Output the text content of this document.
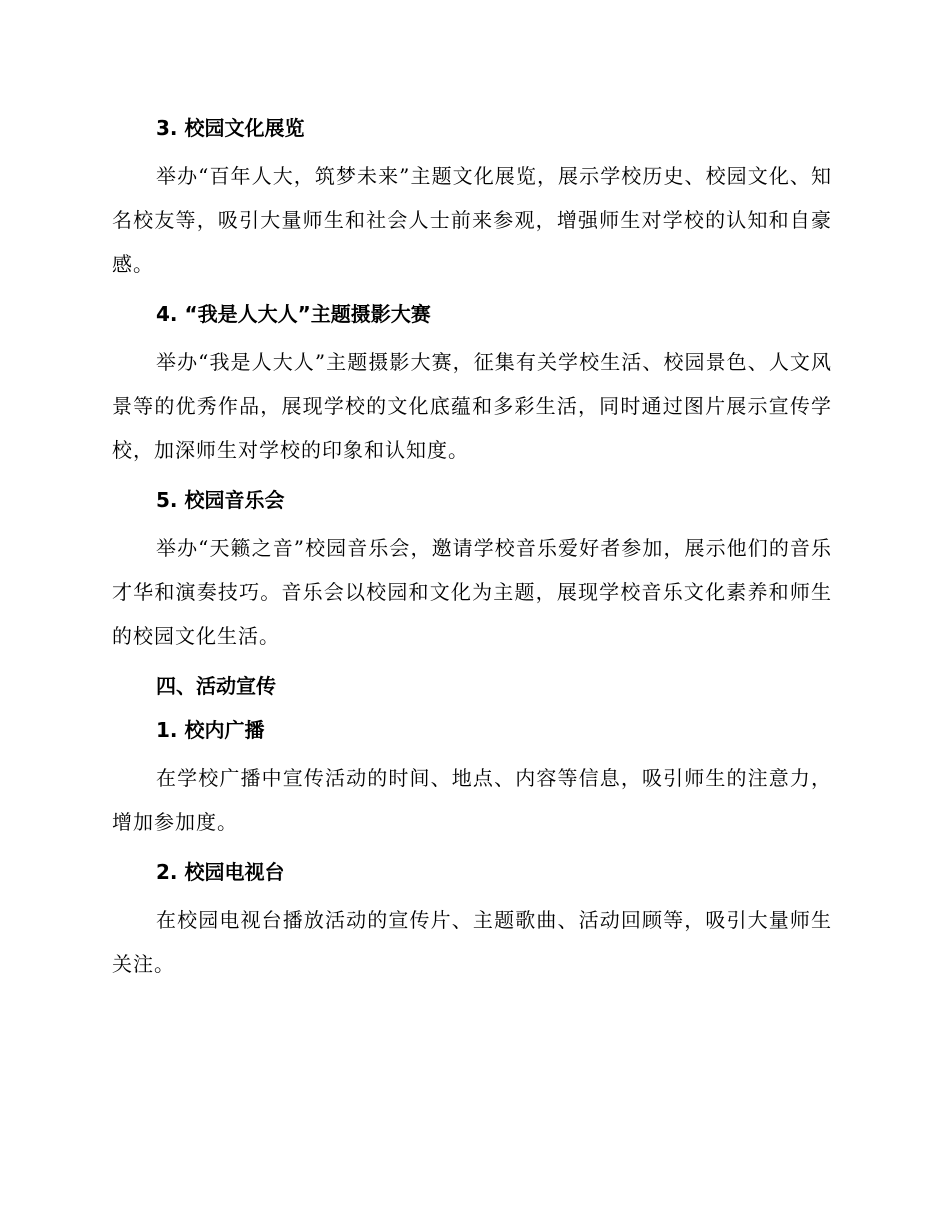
3. 校园文化展览
举办“百年人大，筑梦未来”主题文化展览，展示学校历史、校园文化、知名校友等，吸引大量师生和社会人士前来参观，增强师生对学校的认知和自豪感。
4. “我是人大人”主题摄影大赛
举办“我是人大人”主题摄影大赛，征集有关学校生活、校园景色、人文风景等的优秀作品，展现学校的文化底蕴和多彩生活，同时通过图片展示宣传学校，加深师生对学校的印象和认知度。
5. 校园音乐会
举办“天籁之音”校园音乐会，邀请学校音乐爱好者参加，展示他们的音乐才华和演奏技巧。音乐会以校园和文化为主题，展现学校音乐文化素养和师生的校园文化生活。
四、活动宣传
1. 校内广播
在学校广播中宣传活动的时间、地点、内容等信息，吸引师生的注意力，增加参加度。
2. 校园电视台
在校园电视台播放活动的宣传片、主题歌曲、活动回顾等，吸引大量师生关注。
